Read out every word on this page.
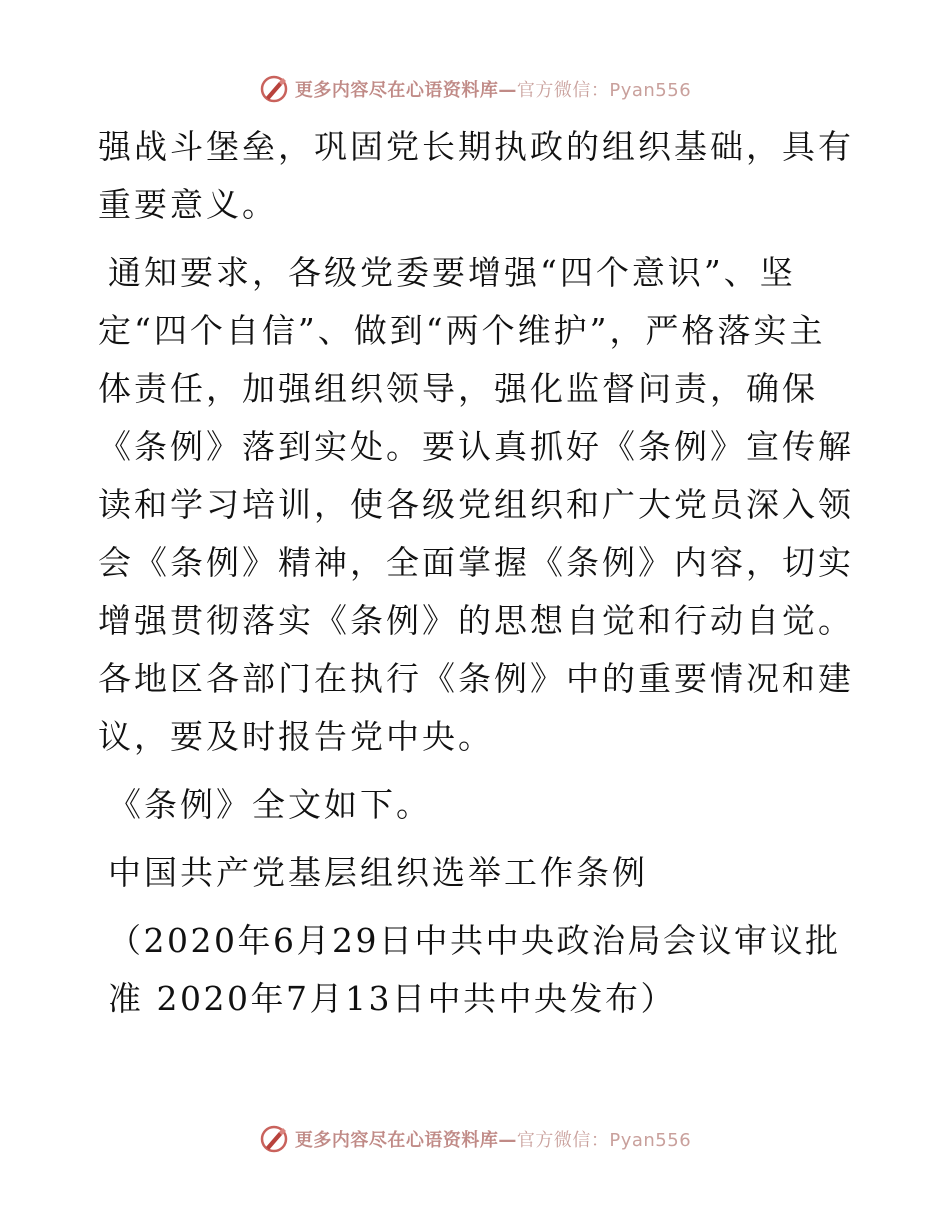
更多内容尽在心语资料库—官方微信：Pyan556

强战斗堡垒，巩固党长期执政的组织基础，具有重要意义。

通知要求，各级党委要增强“四个意识”、坚定“四个自信”、做到“两个维护”，严格落实主体责任，加强组织领导，强化监督问责，确保《条例》落到实处。要认真抓好《条例》宣传解读和学习培训，使各级党组织和广大党员深入领会《条例》精神，全面掌握《条例》内容，切实增强贯彻落实《条例》的思想自觉和行动自觉。各地区各部门在执行《条例》中的重要情况和建议，要及时报告党中央。

《条例》全文如下。

中国共产党基层组织选举工作条例

（2020年6月29日中共中央政治局会议审议批准 2020年7月13日中共中央发布）

更多内容尽在心语资料库—官方微信：Pyan556
